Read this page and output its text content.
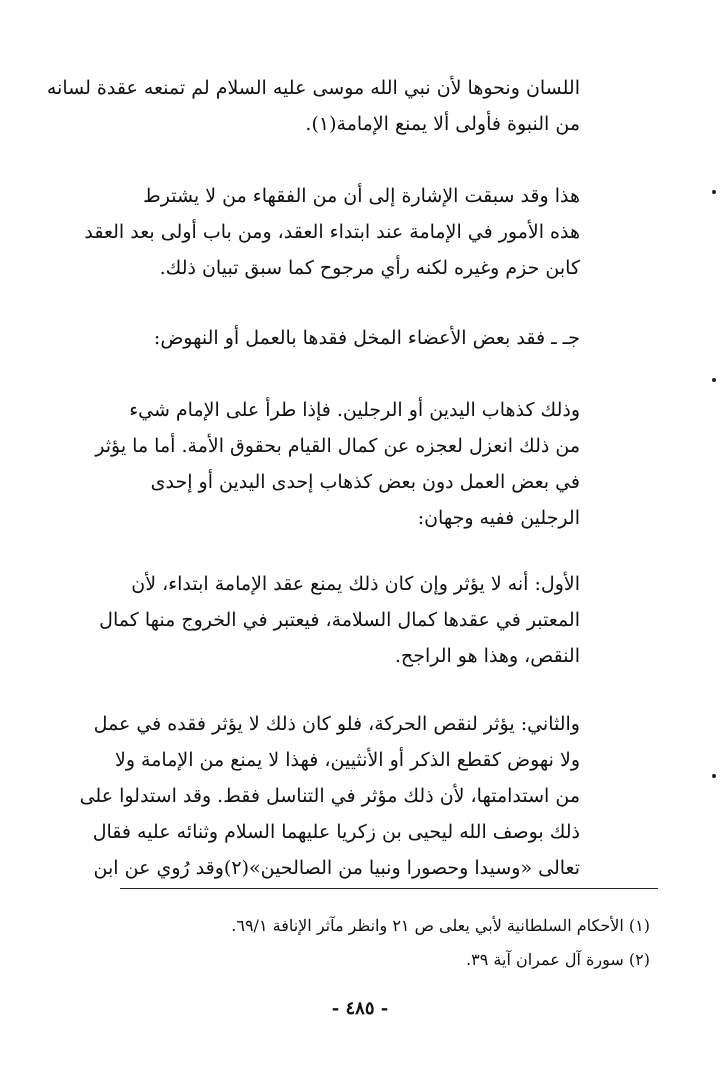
اللسان ونحوها لأن نبي الله موسى عليه السلام لم تمنعه عقدة لسانه
من النبوة فأولى ألا يمنع الإمامة(١).
هذا وقد سبقت الإشارة إلى أن من الفقهاء من لا يشترط
هذه الأمور في الإمامة عند ابتداء العقد، ومن باب أولى بعد العقد
كابن حزم وغيره لكنه رأي مرجوح كما سبق تبيان ذلك.
جـ ـ فقد بعض الأعضاء المخل فقدها بالعمل أو النهوض:
وذلك كذهاب اليدين أو الرجلين. فإذا طرأ على الإمام شيء
من ذلك انعزل لعجزه عن كمال القيام بحقوق الأمة. أما ما يؤثر
في بعض العمل دون بعض كذهاب إحدى اليدين أو إحدى
الرجلين ففيه وجهان:
الأول: أنه لا يؤثر وإن كان ذلك يمنع عقد الإمامة ابتداء، لأن
المعتبر في عقدها كمال السلامة، فيعتبر في الخروج منها كمال
النقص، وهذا هو الراجح.
والثاني: يؤثر لنقص الحركة، فلو كان ذلك لا يؤثر فقده في عمل
ولا نهوض كقطع الذكر أو الأنثيين، فهذا لا يمنع من الإمامة ولا
من استدامتها، لأن ذلك مؤثر في التناسل فقط. وقد استدلوا على
ذلك بوصف الله ليحيى بن زكريا عليهما السلام وثنائه عليه فقال
تعالى «وسيدا وحصورا ونبيا من الصالحين»(٢)وقد رُوي عن ابن
(١) الأحكام السلطانية لأبي يعلى ص ٢١ وانظر مآثر الإنافة ٦٩/١.
(٢) سورة آل عمران آية ٣٩.
- ٤٨٥ -
